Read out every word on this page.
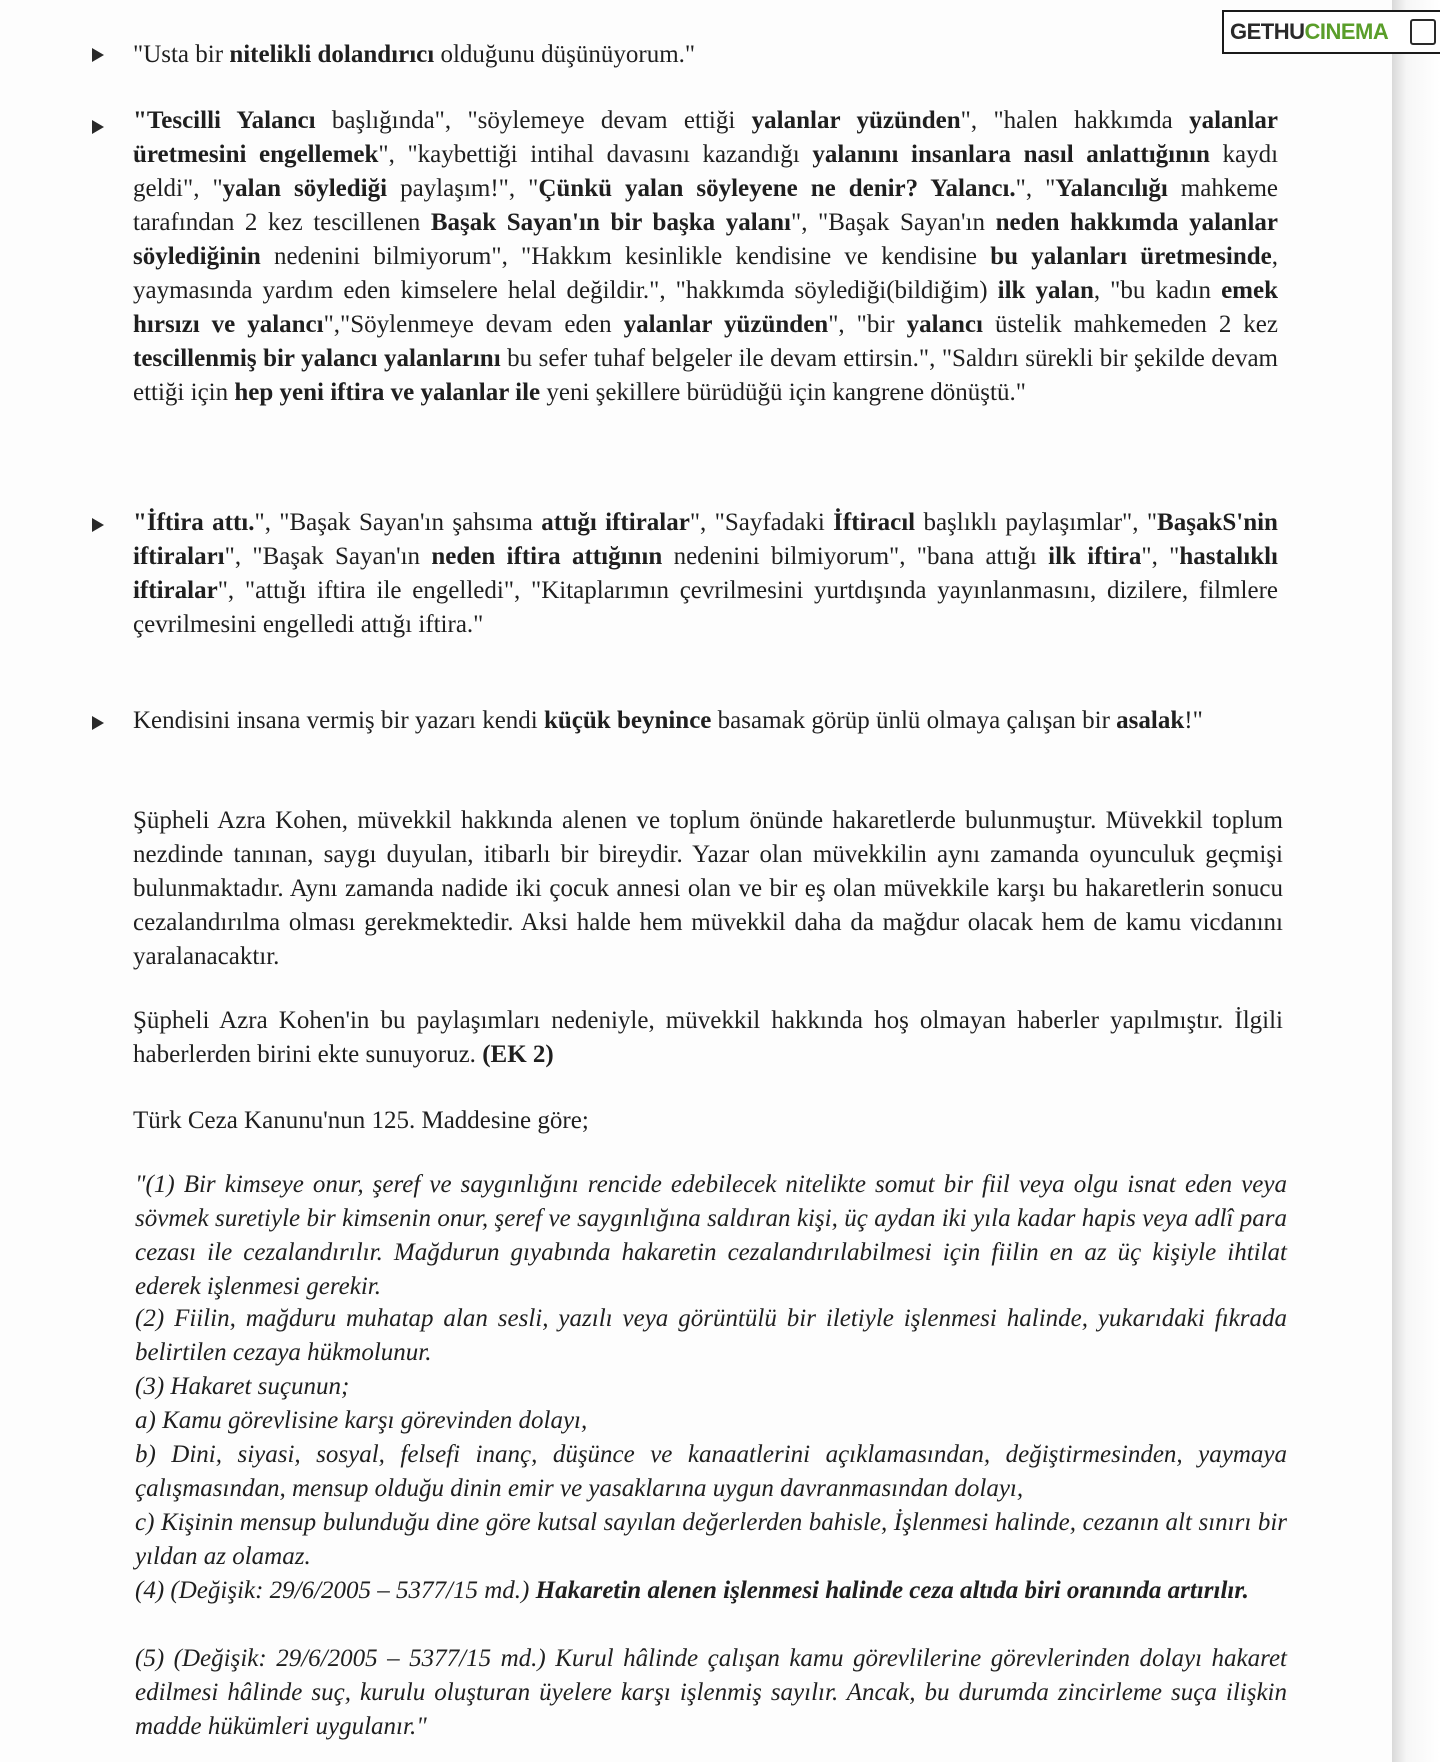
GETHU CINEMA
"Usta bir nitelikli dolandırıcı olduğunu düşünüyorum."
"Tescilli Yalancı başlığında", "söylemeye devam ettiği yalanlar yüzünden", "halen hakkımda yalanlar üretmesini engellemek", "kaybettiği intihal davasını kazandığı yalanını insanlara nasıl anlattığının kaydı geldi", "yalan söylediği paylaşım!", "Çünkü yalan söyleyene ne denir? Yalancı.", "Yalancılığı mahkeme tarafından 2 kez tescillenen Başak Sayan'ın bir başka yalanı", "Başak Sayan'ın neden hakkımda yalanlar söylediğinin nedenini bilmiyorum", "Hakkım kesinlikle kendisine ve kendisine bu yalanları üretmesinde, yaymasında yardım eden kimselere helal değildir.", "hakkımda söylediği(bildiğim) ilk yalan, "bu kadın emek hırsızı ve yalancı","Söylenmeye devam eden yalanlar yüzünden", "bir yalancı üstelik mahkemeden 2 kez tescillenmiş bir yalancı yalanlarını bu sefer tuhaf belgeler ile devam ettirsin.", "Saldırı sürekli bir şekilde devam ettiği için hep yeni iftira ve yalanlar ile yeni şekillere bürüdüğü için kangrene dönüştü."
"İftira attı.", "Başak Sayan'ın şahsıma attığı iftiralar", "Sayfadaki İftiracıl başlıklı paylaşımlar", "BaşakS'nin iftiraları", "Başak Sayan'ın neden iftira attığının nedenini bilmiyorum", "bana attığı ilk iftira", "hastalıklı iftiralar", "attığı iftira ile engelledi", "Kitaplarımın çevrilmesini yurtdışında yayınlanmasını, dizilere, filmlere çevrilmesini engelledi attığı iftira."
Kendisini insana vermiş bir yazarı kendi küçük beynince basamak görüp ünlü olmaya çalışan bir asalak!"
Şüpheli Azra Kohen, müvekkil hakkında alenen ve toplum önünde hakaretlerde bulunmuştur. Müvekkil toplum nezdinde tanınan, saygı duyulan, itibarlı bir bireydir. Yazar olan müvekkilin aynı zamanda oyunculuk geçmişi bulunmaktadır. Aynı zamanda nadide iki çocuk annesi olan ve bir eş olan müvekkile karşı bu hakaretlerin sonucu cezalandırılma olması gerekmektedir. Aksi halde hem müvekkil daha da mağdur olacak hem de kamu vicdanını yaralanacaktır.
Şüpheli Azra Kohen'in bu paylaşımları nedeniyle, müvekkil hakkında hoş olmayan haberler yapılmıştır. İlgili haberlerden birini ekte sunuyoruz. (EK 2)
Türk Ceza Kanunu'nun 125. Maddesine göre;
"(1) Bir kimseye onur, şeref ve saygınlığını rencide edebilecek nitelikte somut bir fiil veya olgu isnat eden veya sövmek suretiyle bir kimsenin onur, şeref ve saygınlığına saldıran kişi, üç aydan iki yıla kadar hapis veya adlî para cezası ile cezalandırılır. Mağdurun gıyabında hakaretin cezalandırılabilmesi için fiilin en az üç kişiyle ihtilat ederek işlenmesi gerekir.
(2) Fiilin, mağduru muhatap alan sesli, yazılı veya görüntülü bir iletiyle işlenmesi halinde, yukarıdaki fıkrada belirtilen cezaya hükmolunur.
(3) Hakaret suçunun;
a) Kamu görevlisine karşı görevinden dolayı,
b) Dini, siyasi, sosyal, felsefi inanç, düşünce ve kanaatlerini açıklamasından, değiştirmesinden, yaymaya çalışmasından, mensup olduğu dinin emir ve yasaklarına uygun davranmasından dolayı,
c) Kişinin mensup bulunduğu dine göre kutsal sayılan değerlerden bahisle, İşlenmesi halinde, cezanın alt sınırı bir yıldan az olamaz.
(4) (Değişik: 29/6/2005 – 5377/15 md.) Hakaretin alenen işlenmesi halinde ceza altıda biri oranında artırılır.
(5) (Değişik: 29/6/2005 – 5377/15 md.) Kurul hâlinde çalışan kamu görevlilerine görevlerinden dolayı hakaret edilmesi hâlinde suç, kurulu oluşturan üyelere karşı işlenmiş sayılır. Ancak, bu durumda zincirleme suça ilişkin madde hükümleri uygulanır."
